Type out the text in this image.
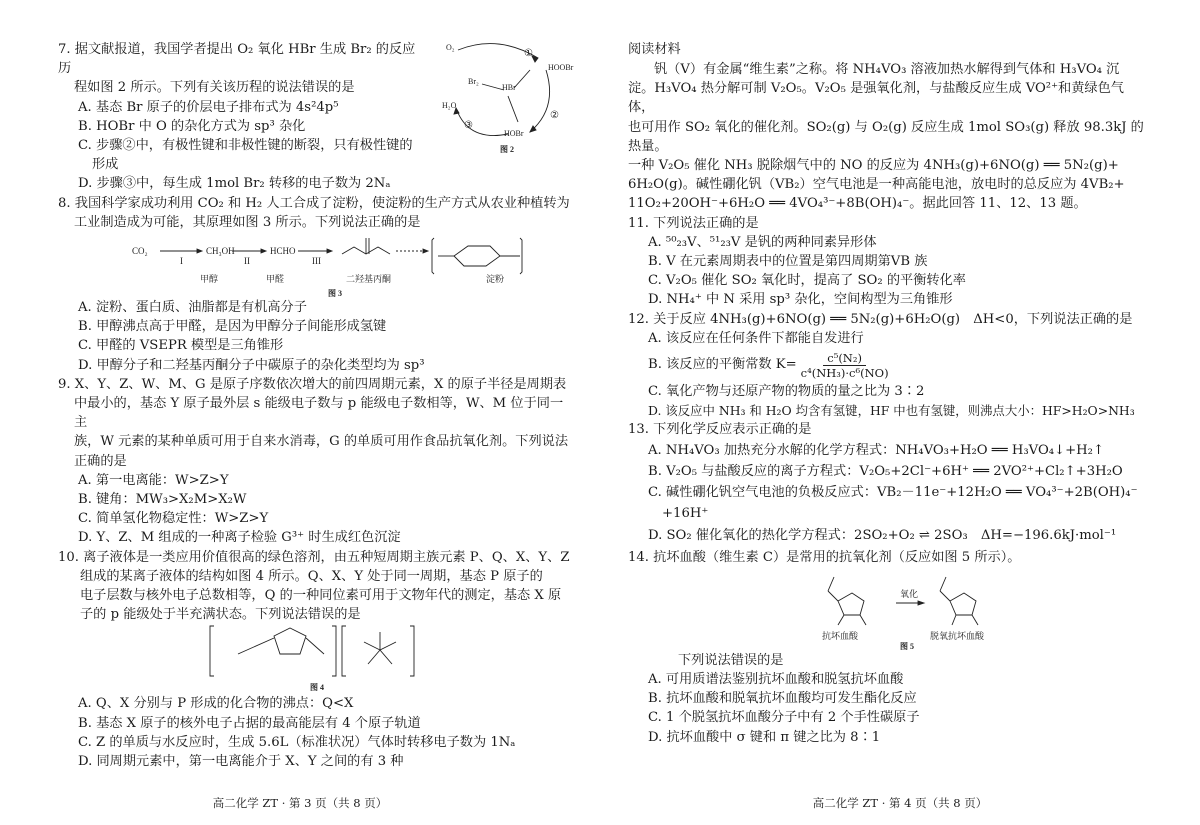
7. 据文献报道，我国学者提出 O₂ 氧化 HBr 生成 Br₂ 的反应历

程如图 2 所示。下列有关该历程的说法错误的是

A. 基态 Br 原子的价层电子排布式为 4s²4p⁵

B. HOBr 中 O 的杂化方式为 sp³ 杂化

C. 步骤②中，有极性键和非极性键的断裂，只有极性键的

形成

D. 步骤③中，每生成 1mol Br₂ 转移的电子数为 2Nₐ

8. 我国科学家成功利用 CO₂ 和 H₂ 人工合成了淀粉，使淀粉的生产方式从农业种植转为

工业制造成为可能，其原理如图 3 所示。下列说法正确的是

CO₂	CH₃OH	HCHO
I	II	III
甲醇	甲醛	二羟基丙酮	淀粉
图 3

A. 淀粉、蛋白质、油脂都是有机高分子

B. 甲醇沸点高于甲醛，是因为甲醇分子间能形成氢键

C. 甲醛的 VSEPR 模型是三角锥形

D. 甲醇分子和二羟基丙酮分子中碳原子的杂化类型均为 sp³

9. X、Y、Z、W、M、G 是原子序数依次增大的前四周期元素，X 的原子半径是周期表

中最小的，基态 Y 原子最外层 s 能级电子数与 p 能级电子数相等，W、M 位于同一主

族，W 元素的某种单质可用于自来水消毒，G 的单质可用作食品抗氧化剂。下列说法

正确的是

A. 第一电离能：W>Z>Y

B. 键角：MW₃>X₂M>X₂W

C. 简单氢化物稳定性：W>Z>Y

D. Y、Z、M 组成的一种离子检验 G³⁺ 时生成红色沉淀

10. 离子液体是一类应用价值很高的绿色溶剂，由五种短周期主族元素 P、Q、X、Y、Z

组成的某离子液体的结构如图 4 所示。Q、X、Y 处于同一周期，基态 P 原子的

电子层数与核外电子总数相等，Q 的一种同位素可用于文物年代的测定，基态 X 原

子的 p 能级处于半充满状态。下列说法错误的是

图 4

A. Q、X 分别与 P 形成的化合物的沸点：Q<X

B. 基态 X 原子的核外电子占据的最高能层有 4 个原子轨道

C. Z 的单质与水反应时，生成 5.6L（标准状况）气体时转移电子数为 1Nₐ

D. 同周期元素中，第一电离能介于 X、Y 之间的有 3 种

高二化学 ZT · 第 3 页（共 8 页）
O₂
HOOBr
HBr
Br₂
H₂O
HOBr
①
②
③
图 2

阅读材料

钒（V）有金属“维生素”之称。将 NH₄VO₃ 溶液加热水解得到气体和 H₃VO₄ 沉

淀。H₃VO₄ 热分解可制 V₂O₅。V₂O₅ 是强氧化剂，与盐酸反应生成 VO²⁺和黄绿色气体，

也可用作 SO₂ 氧化的催化剂。SO₂(g) 与 O₂(g) 反应生成 1mol SO₃(g) 释放 98.3kJ 的热量。

一种 V₂O₅ 催化 NH₃ 脱除烟气中的 NO 的反应为 4NH₃(g)+6NO(g) ══ 5N₂(g)+

6H₂O(g)。碱性硼化钒（VB₂）空气电池是一种高能电池，放电时的总反应为 4VB₂+

11O₂+20OH⁻+6H₂O ══ 4VO₄³⁻+8B(OH)₄⁻。据此回答 11、12、13 题。

11. 下列说法正确的是

A. ⁵⁰₂₃V、⁵¹₂₃V 是钒的两种同素异形体

B. V 在元素周期表中的位置是第四周期第ⅤB 族

C. V₂O₅ 催化 SO₂ 氧化时，提高了 SO₂ 的平衡转化率

D. NH₄⁺ 中 N 采用 sp³ 杂化，空间构型为三角锥形

12. 关于反应 4NH₃(g)+6NO(g) ══ 5N₂(g)+6H₂O(g)　ΔH<0，下列说法正确的是

A. 该反应在任何条件下都能自发进行

B. 该反应的平衡常数 $K= \frac{\text{c⁵(N₂)}}{\text{c⁴(NH₃)·c⁶(NO)}}$

C. 氧化产物与还原产物的物质的量之比为 3∶2

D. 该反应中 NH₃ 和 H₂O 均含有氢键，HF 中也有氢键，则沸点大小：HF>H₂O>NH₃

13. 下列化学反应表示正确的是

A. NH₄VO₃ 加热充分水解的化学方程式：NH₄VO₃+H₂O ══ H₃VO₄↓+H₂↑

B. V₂O₅ 与盐酸反应的离子方程式：V₂O₅+2Cl⁻+6H⁺ ══ 2VO²⁺+Cl₂↑+3H₂O

C. 碱性硼化钒空气电池的负极反应式：VB₂－11e⁻+12H₂O ══ VO₄³⁻+2B(OH)₄⁻

+16H⁺

D. SO₂ 催化氧化的热化学方程式：2SO₂+O₂ ⇌ 2SO₃　ΔH=−196.6kJ·mol⁻¹

14. 抗坏血酸（维生素 C）是常用的抗氧化剂（反应如图 5 所示）。

氧化
抗坏血酸	脱氧抗坏血酸
图 5

下列说法错误的是

A. 可用质谱法鉴别抗坏血酸和脱氢抗坏血酸

B. 抗坏血酸和脱氧抗坏血酸均可发生酯化反应

C. 1 个脱氢抗坏血酸分子中有 2 个手性碳原子

D. 抗坏血酸中 σ 键和 π 键之比为 8∶1

高二化学 ZT · 第 4 页（共 8 页）
